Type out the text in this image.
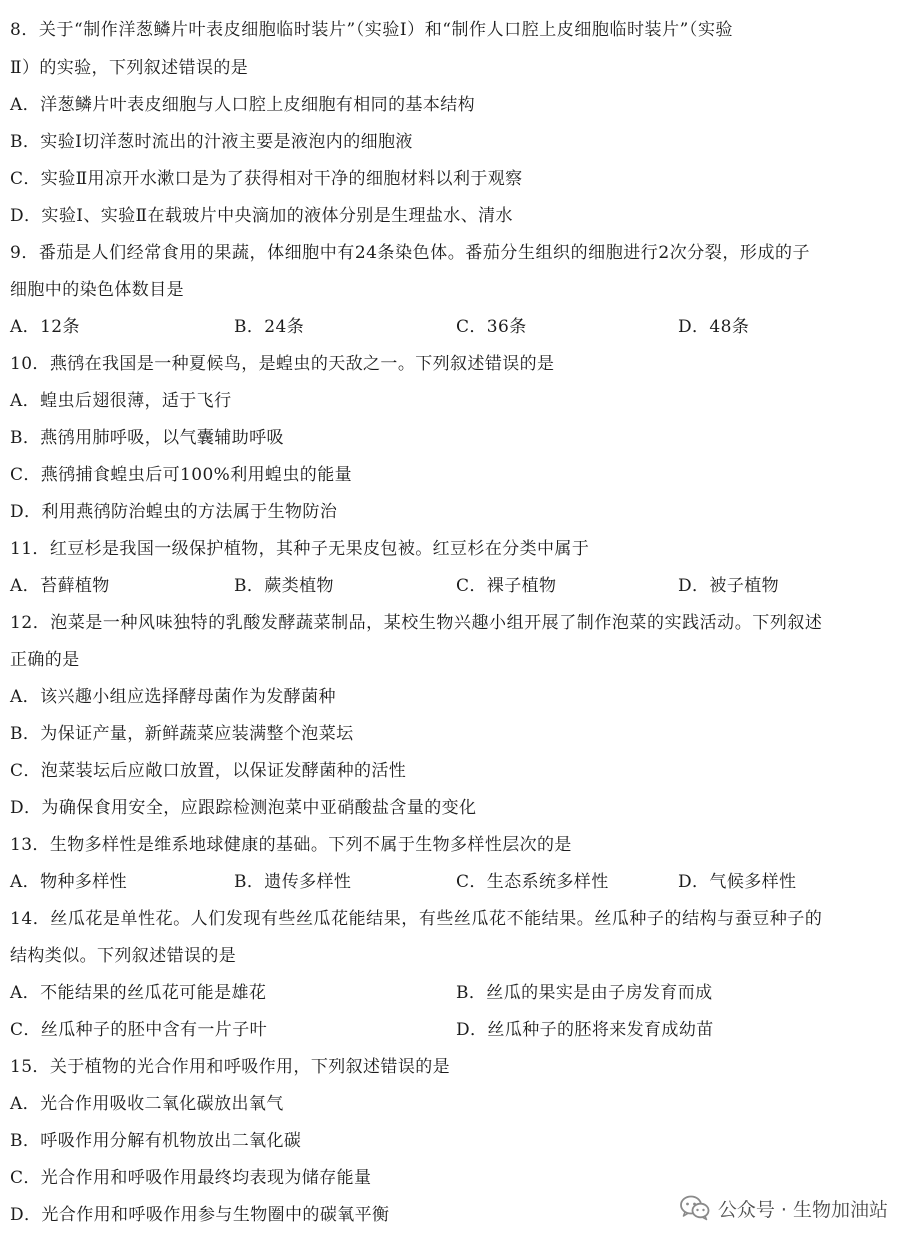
8．关于“制作洋葱鳞片叶表皮细胞临时装片”（实验Ⅰ）和“制作人口腔上皮细胞临时装片”（实验
Ⅱ）的实验，下列叙述错误的是
A．洋葱鳞片叶表皮细胞与人口腔上皮细胞有相同的基本结构
B．实验Ⅰ切洋葱时流出的汁液主要是液泡内的细胞液
C．实验Ⅱ用凉开水漱口是为了获得相对干净的细胞材料以利于观察
D．实验Ⅰ、实验Ⅱ在载玻片中央滴加的液体分别是生理盐水、清水
9．番茄是人们经常食用的果蔬，体细胞中有24条染色体。番茄分生组织的细胞进行2次分裂，形成的子
细胞中的染色体数目是
A．12条	B．24条	C．36条	D．48条
10．燕鸻在我国是一种夏候鸟，是蝗虫的天敌之一。下列叙述错误的是
A．蝗虫后翅很薄，适于飞行
B．燕鸻用肺呼吸，以气囊辅助呼吸
C．燕鸻捕食蝗虫后可100%利用蝗虫的能量
D．利用燕鸻防治蝗虫的方法属于生物防治
11．红豆杉是我国一级保护植物，其种子无果皮包被。红豆杉在分类中属于
A．苔藓植物	B．蕨类植物	C．裸子植物	D．被子植物
12．泡菜是一种风味独特的乳酸发酵蔬菜制品，某校生物兴趣小组开展了制作泡菜的实践活动。下列叙述
正确的是
A．该兴趣小组应选择酵母菌作为发酵菌种
B．为保证产量，新鲜蔬菜应装满整个泡菜坛
C．泡菜装坛后应敞口放置，以保证发酵菌种的活性
D．为确保食用安全，应跟踪检测泡菜中亚硝酸盐含量的变化
13．生物多样性是维系地球健康的基础。下列不属于生物多样性层次的是
A．物种多样性	B．遗传多样性	C．生态系统多样性	D．气候多样性
14．丝瓜花是单性花。人们发现有些丝瓜花能结果，有些丝瓜花不能结果。丝瓜种子的结构与蚕豆种子的
结构类似。下列叙述错误的是
A．不能结果的丝瓜花可能是雄花	B．丝瓜的果实是由子房发育而成
C．丝瓜种子的胚中含有一片子叶	D．丝瓜种子的胚将来发育成幼苗
15．关于植物的光合作用和呼吸作用，下列叙述错误的是
A．光合作用吸收二氧化碳放出氧气
B．呼吸作用分解有机物放出二氧化碳
C．光合作用和呼吸作用最终均表现为储存能量
D．光合作用和呼吸作用参与生物圈中的碳氧平衡	公众号 · 生物加油站
